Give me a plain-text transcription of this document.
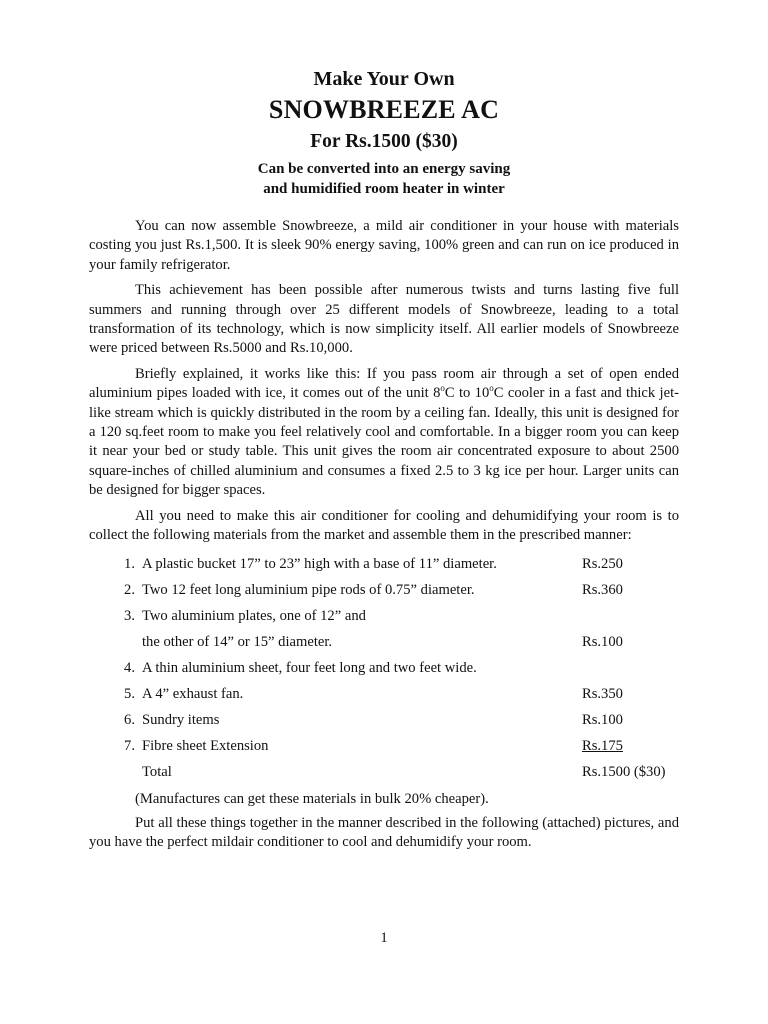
Make Your Own
SNOWBREEZE AC
For Rs.1500 ($30)
Can be converted into an energy saving
and humidified room heater in winter

You can now assemble Snowbreeze, a mild air conditioner in your house with materials costing you just Rs.1,500. It is sleek 90% energy saving, 100% green and can run on ice produced in your family refrigerator.

This achievement has been possible after numerous twists and turns lasting five full summers and running through over 25 different models of Snowbreeze, leading to a total transformation of its technology, which is now simplicity itself. All earlier models of Snowbreeze were priced between Rs.5000 and Rs.10,000.

Briefly explained, it works like this: If you pass room air through a set of open ended aluminium pipes loaded with ice, it comes out of the unit 8$^o$C to 10$^o$C cooler in a fast and thick jet-like stream which is quickly distributed in the room by a ceiling fan. Ideally, this unit is designed for a 120 sq.feet room to make you feel relatively cool and comfortable. In a bigger room you can keep it near your bed or study table. This unit gives the room air concentrated exposure to about 2500 square-inches of chilled aluminium and consumes a fixed 2.5 to 3 kg ice per hour. Larger units can be designed for bigger spaces.

All you need to make this air conditioner for cooling and dehumidifying your room is to collect the following materials from the market and assemble them in the prescribed manner:

1. A plastic bucket 17” to 23” high with a base of 11” diameter.	Rs.250
2. Two 12 feet long aluminium pipe rods of 0.75” diameter.	Rs.360
3. Two aluminium plates, one of 12” and
the other of 14” or 15” diameter.	Rs.100
4. A thin aluminium sheet, four feet long and two feet wide.
5. A 4” exhaust fan.	Rs.350
6. Sundry items	Rs.100
7. Fibre sheet Extension	Rs.175
Total	Rs.1500 ($30)
(Manufactures can get these materials in bulk 20% cheaper).

Put all these things together in the manner described in the following (attached) pictures, and you have the perfect mildair conditioner to cool and dehumidify your room.

1
